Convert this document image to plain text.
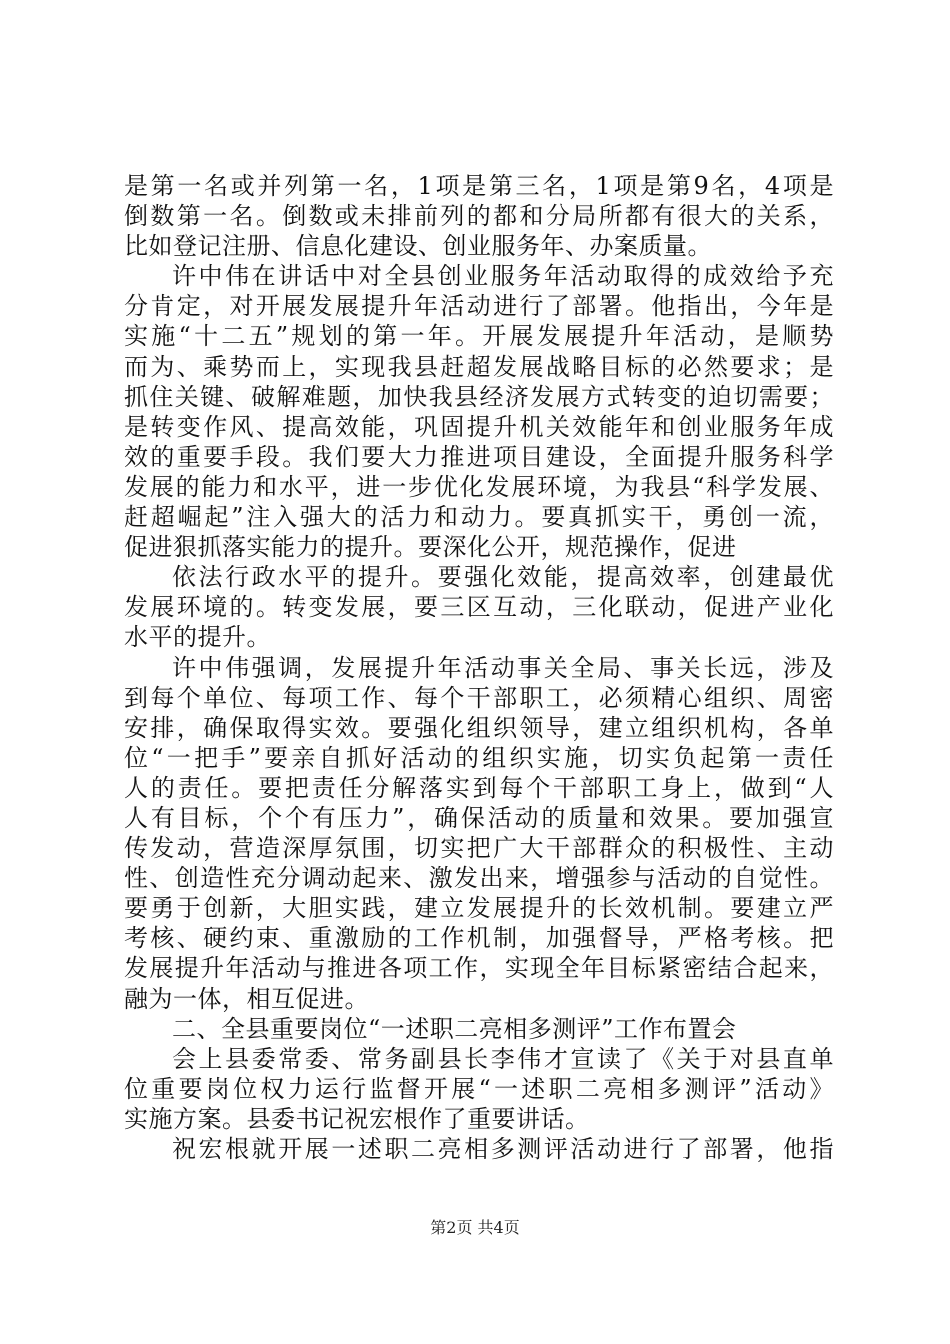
是第一名或并列第一名，1项是第三名，1项是第9名，4项是
倒数第一名。倒数或未排前列的都和分局所都有很大的关系，
比如登记注册、信息化建设、创业服务年、办案质量。
许中伟在讲话中对全县创业服务年活动取得的成效给予充
分肯定，对开展发展提升年活动进行了部署。他指出，今年是
实施“十二五”规划的第一年。开展发展提升年活动，是顺势
而为、乘势而上，实现我县赶超发展战略目标的必然要求；是
抓住关键、破解难题，加快我县经济发展方式转变的迫切需要；
是转变作风、提高效能，巩固提升机关效能年和创业服务年成
效的重要手段。我们要大力推进项目建设，全面提升服务科学
发展的能力和水平，进一步优化发展环境，为我县“科学发展、
赶超崛起”注入强大的活力和动力。要真抓实干，勇创一流，
促进狠抓落实能力的提升。要深化公开，规范操作，促进
依法行政水平的提升。要强化效能，提高效率，创建最优
发展环境的。转变发展，要三区互动，三化联动，促进产业化
水平的提升。
许中伟强调，发展提升年活动事关全局、事关长远，涉及
到每个单位、每项工作、每个干部职工，必须精心组织、周密
安排，确保取得实效。要强化组织领导，建立组织机构，各单
位“一把手”要亲自抓好活动的组织实施，切实负起第一责任
人的责任。要把责任分解落实到每个干部职工身上，做到“人
人有目标，个个有压力”，确保活动的质量和效果。要加强宣
传发动，营造深厚氛围，切实把广大干部群众的积极性、主动
性、创造性充分调动起来、激发出来，增强参与活动的自觉性。
要勇于创新，大胆实践，建立发展提升的长效机制。要建立严
考核、硬约束、重激励的工作机制，加强督导，严格考核。把
发展提升年活动与推进各项工作，实现全年目标紧密结合起来，
融为一体，相互促进。
二、全县重要岗位“一述职二亮相多测评”工作布置会
会上县委常委、常务副县长李伟才宣读了《关于对县直单
位重要岗位权力运行监督开展“一述职二亮相多测评”活动》
实施方案。县委书记祝宏根作了重要讲话。
祝宏根就开展一述职二亮相多测评活动进行了部署，他指
第2页 共4页
